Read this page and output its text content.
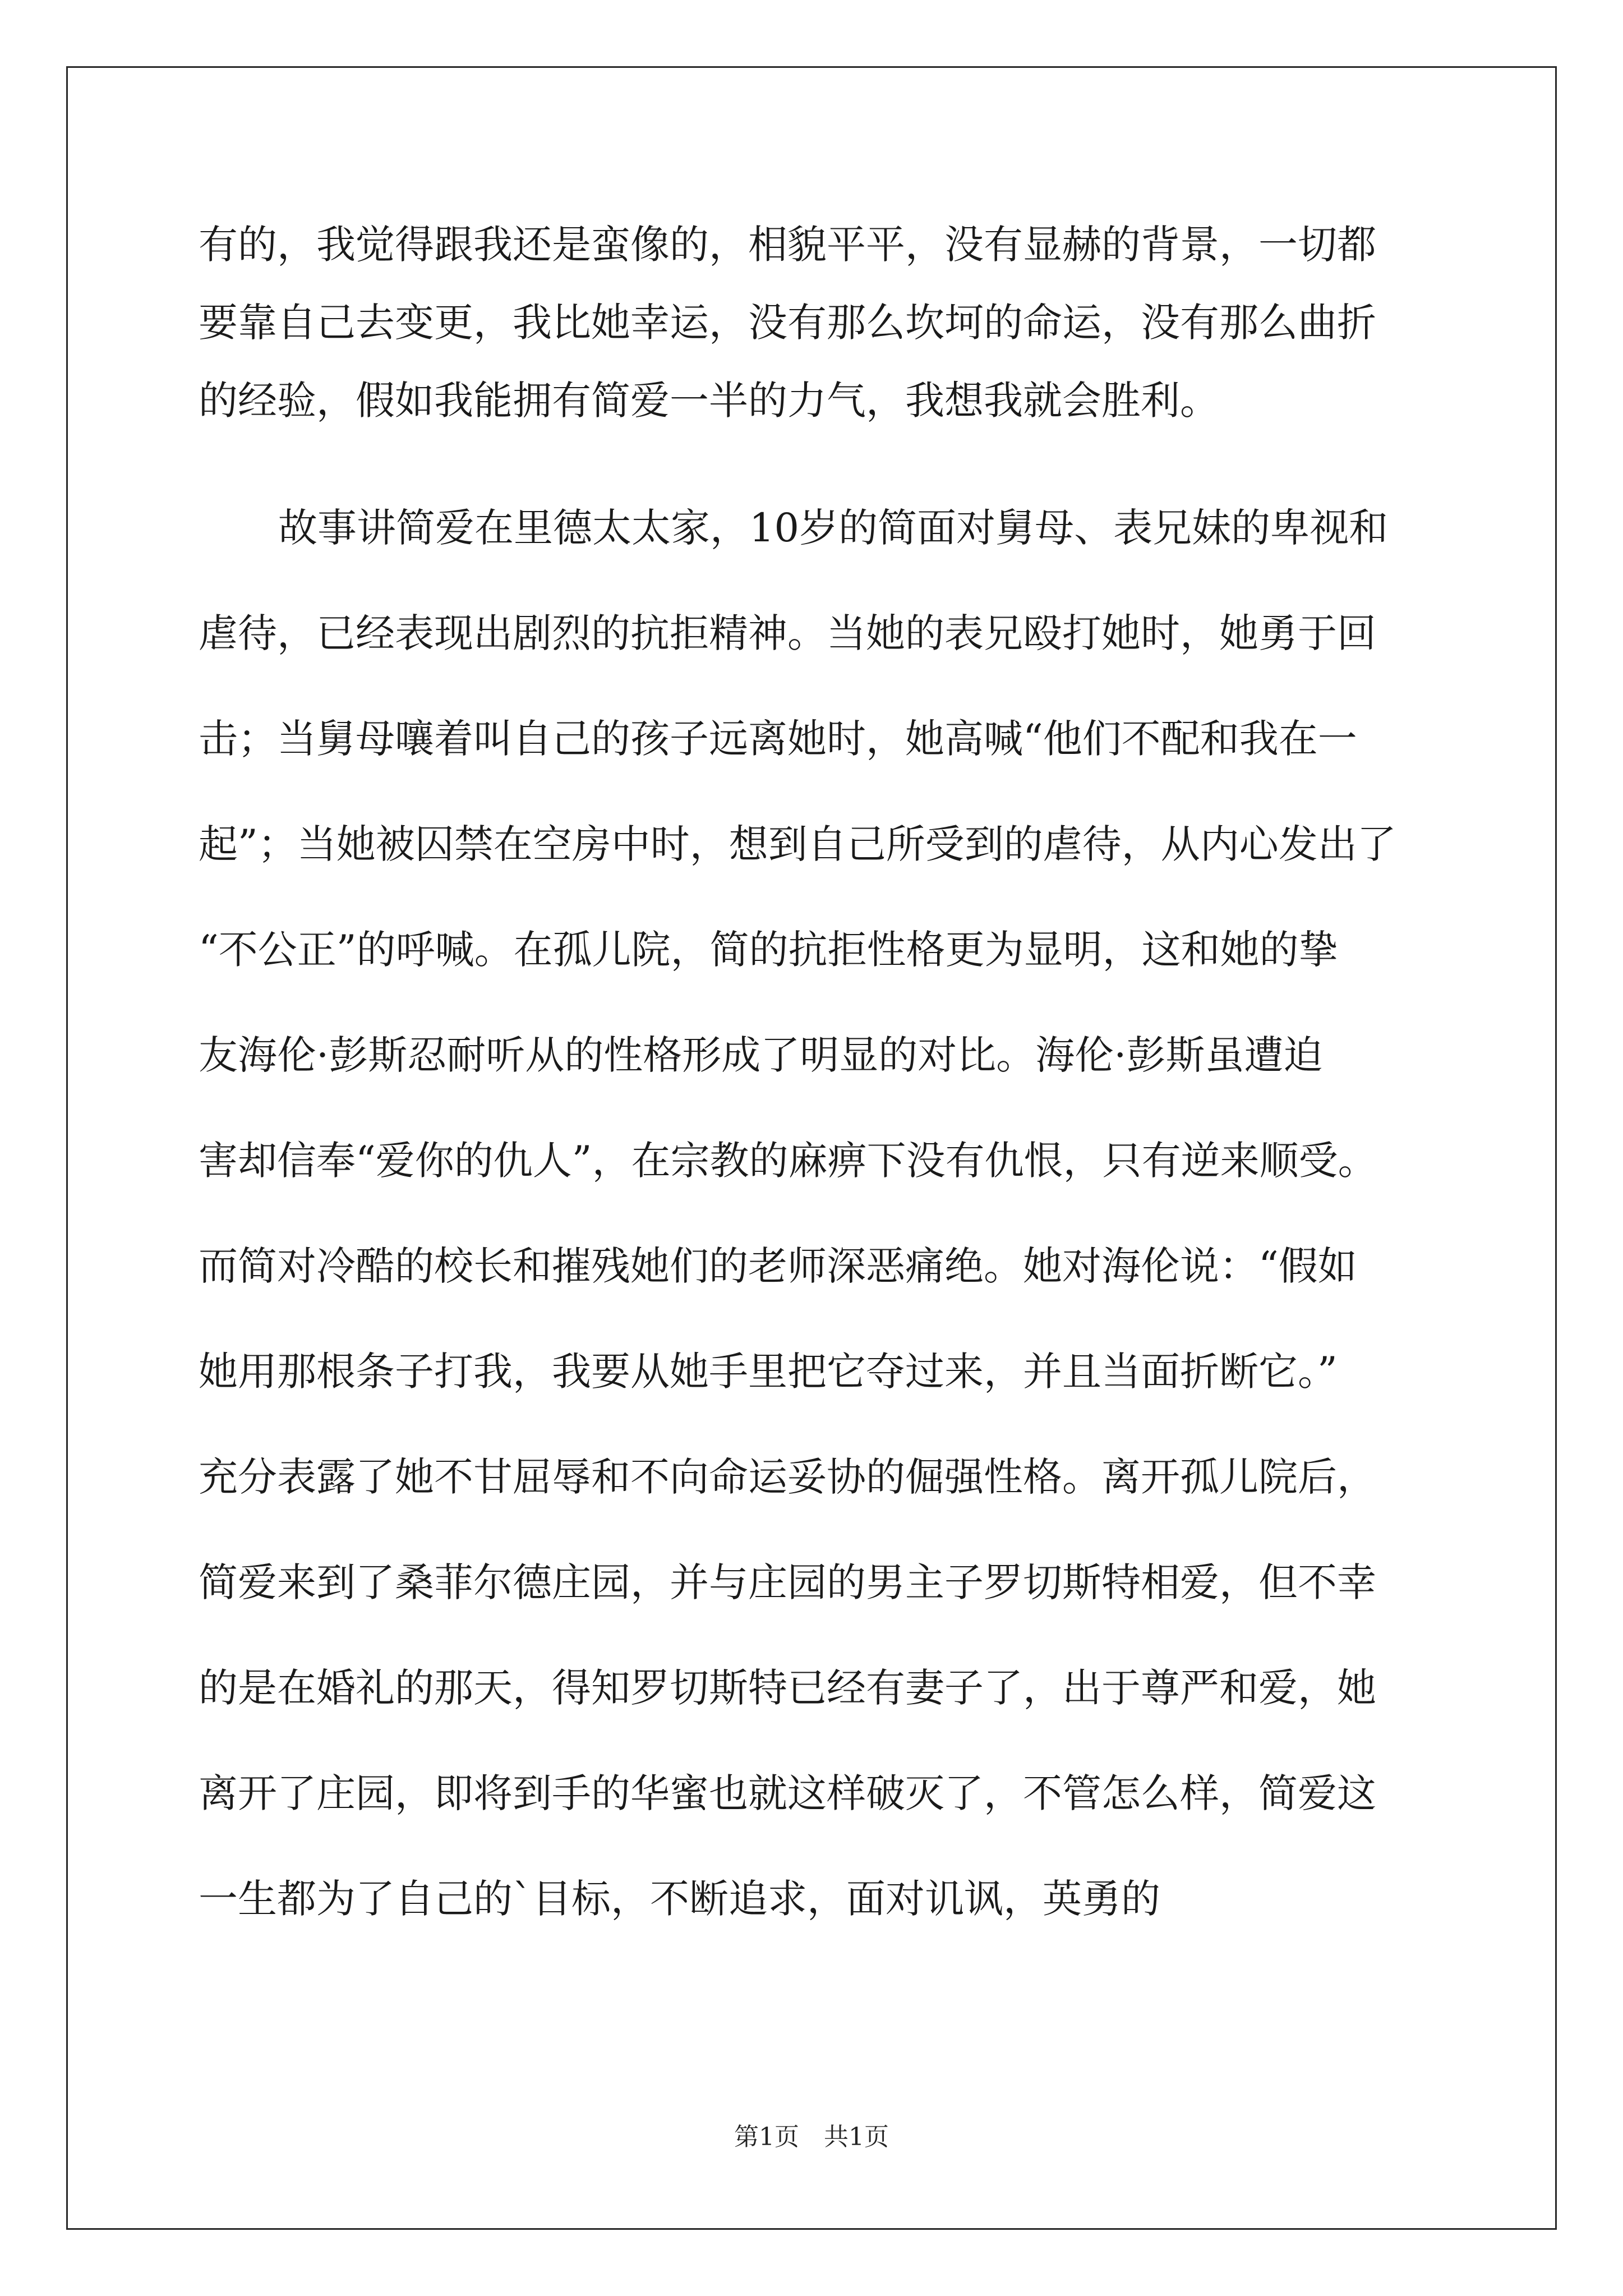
有的，我觉得跟我还是蛮像的，相貌平平，没有显赫的背景，一切都
要靠自己去变更，我比她幸运，没有那么坎坷的命运，没有那么曲折
的经验，假如我能拥有简爱一半的力气，我想我就会胜利。
故事讲简爱在里德太太家，10岁的简面对舅母、表兄妹的卑视和
虐待，已经表现出剧烈的抗拒精神。当她的表兄殴打她时，她勇于回
击；当舅母嚷着叫自己的孩子远离她时，她高喊“他们不配和我在一
起”；当她被囚禁在空房中时，想到自己所受到的虐待，从内心发出了
“不公正”的呼喊。在孤儿院，简的抗拒性格更为显明，这和她的挚
友海伦·彭斯忍耐听从的性格形成了明显的对比。海伦·彭斯虽遭迫
害却信奉“爱你的仇人”，在宗教的麻痹下没有仇恨，只有逆来顺受。
而简对冷酷的校长和摧残她们的老师深恶痛绝。她对海伦说：“假如
她用那根条子打我，我要从她手里把它夺过来，并且当面折断它。”
充分表露了她不甘屈辱和不向命运妥协的倔强性格。离开孤儿院后，
简爱来到了桑菲尔德庄园，并与庄园的男主子罗切斯特相爱，但不幸
的是在婚礼的那天，得知罗切斯特已经有妻子了，出于尊严和爱，她
离开了庄园，即将到手的华蜜也就这样破灭了，不管怎么样，简爱这
一生都为了自己的`目标，不断追求，面对讥讽，英勇的
第1页　共1页
